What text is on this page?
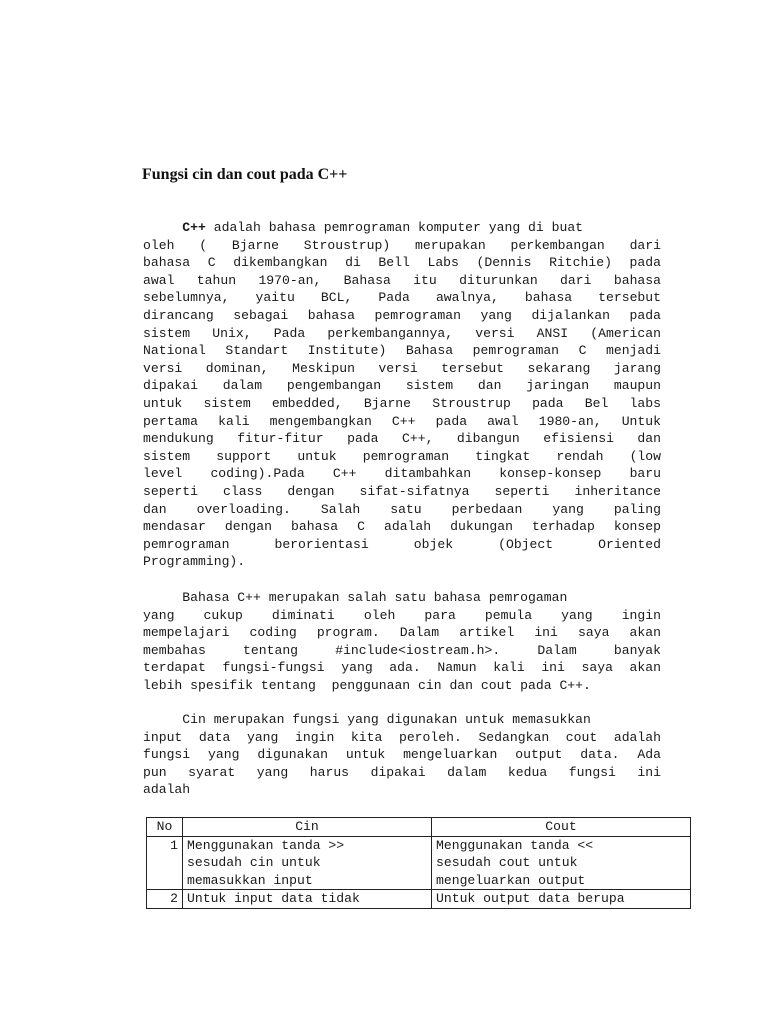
Fungsi cin dan cout pada C++
C++ adalah bahasa pemrograman komputer yang di buat
oleh ( Bjarne Stroustrup) merupakan perkembangan dari
bahasa C dikembangkan di Bell Labs (Dennis Ritchie) pada
awal tahun 1970-an, Bahasa itu diturunkan dari bahasa
sebelumnya, yaitu BCL, Pada awalnya, bahasa tersebut
dirancang sebagai bahasa pemrograman yang dijalankan pada
sistem Unix, Pada perkembangannya, versi ANSI (American
National Standart Institute) Bahasa pemrograman C menjadi
versi dominan, Meskipun versi tersebut sekarang jarang
dipakai dalam pengembangan sistem dan jaringan maupun
untuk sistem embedded, Bjarne Stroustrup pada Bel labs
pertama kali mengembangkan C++ pada awal 1980-an, Untuk
mendukung fitur-fitur pada C++, dibangun efisiensi dan
sistem support untuk pemrograman tingkat rendah (low
level coding).Pada C++ ditambahkan konsep-konsep baru
seperti class dengan sifat-sifatnya seperti inheritance
dan overloading. Salah satu perbedaan yang paling
mendasar dengan bahasa C adalah dukungan terhadap konsep
pemrograman berorientasi objek (Object Oriented
Programming).
Bahasa C++ merupakan salah satu bahasa pemrogaman
yang cukup diminati oleh para pemula yang ingin
mempelajari coding program. Dalam artikel ini saya akan
membahas tentang #include<iostream.h>. Dalam banyak
terdapat fungsi-fungsi yang ada. Namun kali ini saya akan
lebih spesifik tentang  penggunaan cin dan cout pada C++.
Cin merupakan fungsi yang digunakan untuk memasukkan
input data yang ingin kita peroleh. Sedangkan cout adalah
fungsi yang digunakan untuk mengeluarkan output data. Ada
pun syarat yang harus dipakai dalam kedua fungsi ini
adalah
No	Cin	Cout
1	Menggunakan tanda >>
sesudah cin untuk
memasukkan input	Menggunakan tanda <<
sesudah cout untuk
mengeluarkan output

2	Untuk input data tidak	Untuk output data berupa
